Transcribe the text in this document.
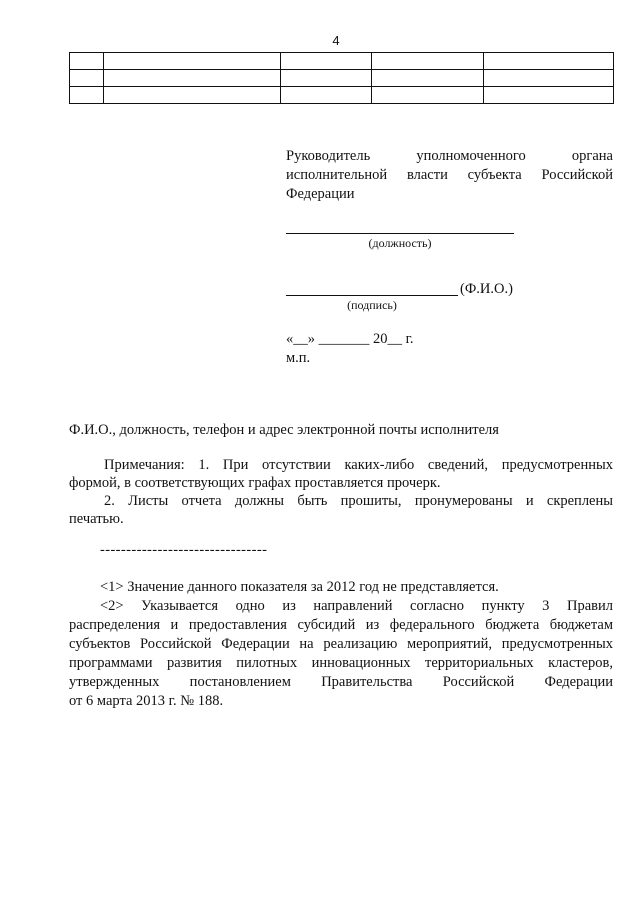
4

Руководитель	уполномоченного	органа
исполнительной власти субъекта Российской
Федерации
(должность)
(Ф.И.О.)
(подпись)
«__» _______ 20__ г.
м.п.
Ф.И.О., должность, телефон и адрес электронной почты исполнителя
Примечания: 1. При отсутствии каких-либо сведений, предусмотренных
формой, в соответствующих графах проставляется прочерк.
2. Листы отчета должны быть прошиты, пронумерованы и скреплены
печатью.
--------------------------------
<1> Значение данного показателя за 2012 год не представляется.
<2> Указывается одно из направлений согласно пункту 3 Правил
распределения и предоставления субсидий из федерального бюджета бюджетам
субъектов Российской Федерации на реализацию мероприятий, предусмотренных
программами развития пилотных инновационных территориальных кластеров,
утвержденных постановлением Правительства Российской Федерации
от 6 марта 2013 г. № 188.
